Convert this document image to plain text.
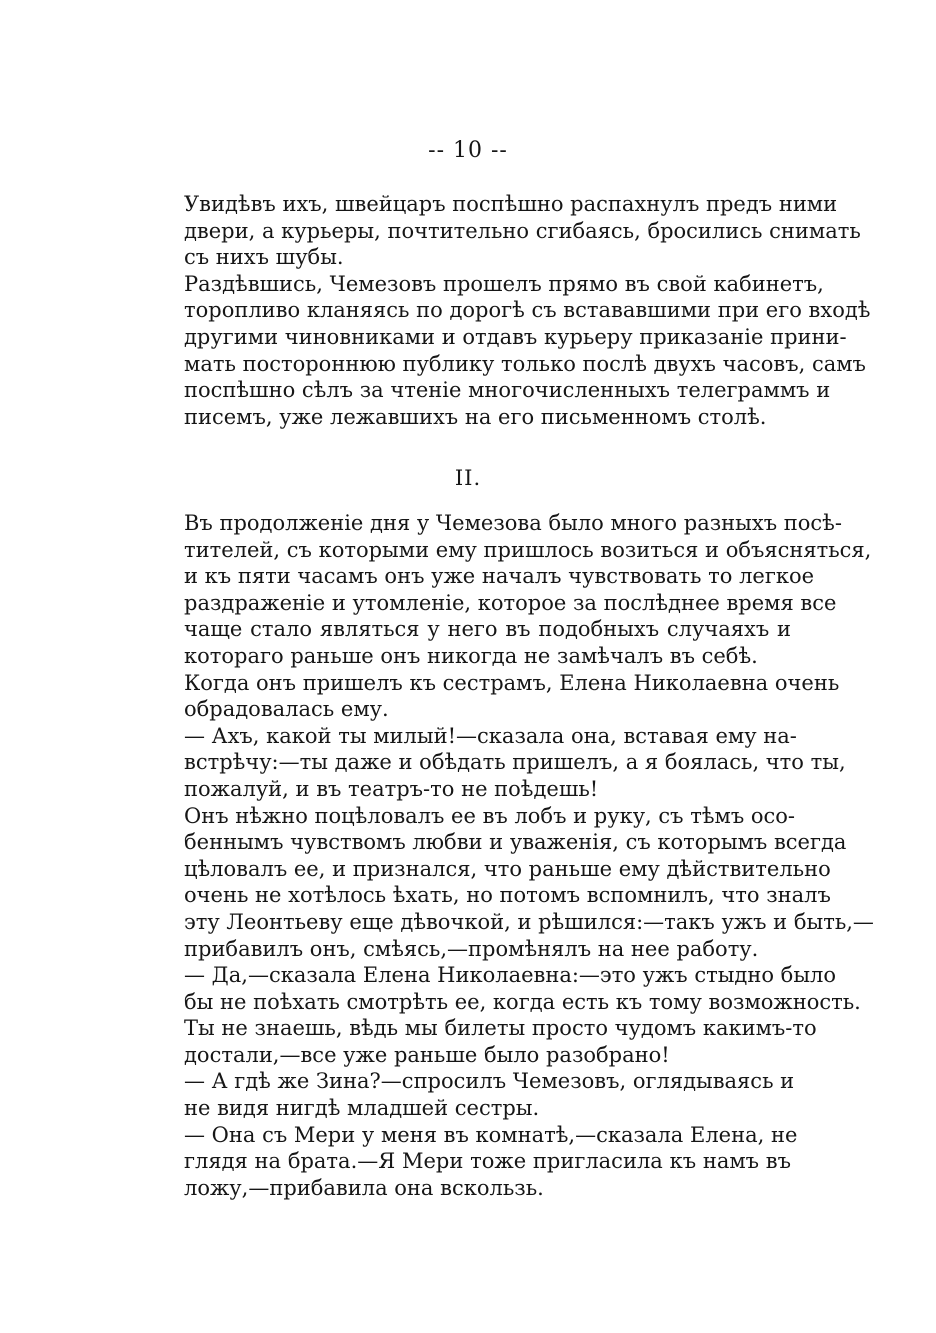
-- 10 --

Увидѣвъ ихъ, швейцаръ поспѣшно распахнулъ предъ ними
двери, а курьеры, почтительно сгибаясь, бросились снимать
съ нихъ шубы.

Раздѣвшись, Чемезовъ прошелъ прямо въ свой кабинетъ,
торопливо кланяясь по дорогѣ съ встававшими при его входѣ
другими чиновниками и отдавъ курьеру приказаніе прини-
мать постороннюю публику только послѣ двухъ часовъ, самъ
поспѣшно сѣлъ за чтеніе многочисленныхъ телеграммъ и
писемъ, уже лежавшихъ на его письменномъ столѣ.

II.

Въ продолженіе дня у Чемезова было много разныхъ посѣ-
тителей, съ которыми ему пришлось возиться и объясняться,
и къ пяти часамъ онъ уже началъ чувствовать то легкое
раздраженіе и утомленіе, которое за послѣднее время все
чаще стало являться у него въ подобныхъ случаяхъ и
котораго раньше онъ никогда не замѣчалъ въ себѣ.

Когда онъ пришелъ къ сестрамъ, Елена Николаевна очень
обрадовалась ему.

— Ахъ, какой ты милый!—сказала она, вставая ему на-
встрѣчу:—ты даже и обѣдать пришелъ, а я боялась, что ты,
пожалуй, и въ театръ-то не поѣдешь!

Онъ нѣжно поцѣловалъ ее въ лобъ и руку, съ тѣмъ осо-
беннымъ чувствомъ любви и уваженія, съ которымъ всегда
цѣловалъ ее, и признался, что раньше ему дѣйствительно
очень не хотѣлось ѣхать, но потомъ вспомнилъ, что зналъ
эту Леонтьеву еще дѣвочкой, и рѣшился:—такъ ужъ и быть,—
прибавилъ онъ, смѣясь,—промѣнялъ на нее работу.

— Да,—сказала Елена Николаевна:—это ужъ стыдно было
бы не поѣхать смотрѣть ее, когда есть къ тому возможность.
Ты не знаешь, вѣдь мы билеты просто чудомъ какимъ-то
достали,—все уже раньше было разобрано!

— А гдѣ же Зина?—спросилъ Чемезовъ, оглядываясь и
не видя нигдѣ младшей сестры.

— Она съ Мери у меня въ комнатѣ,—сказала Елена, не
глядя на брата.—Я Мери тоже пригласила къ намъ въ
ложу,—прибавила она вскользь.
